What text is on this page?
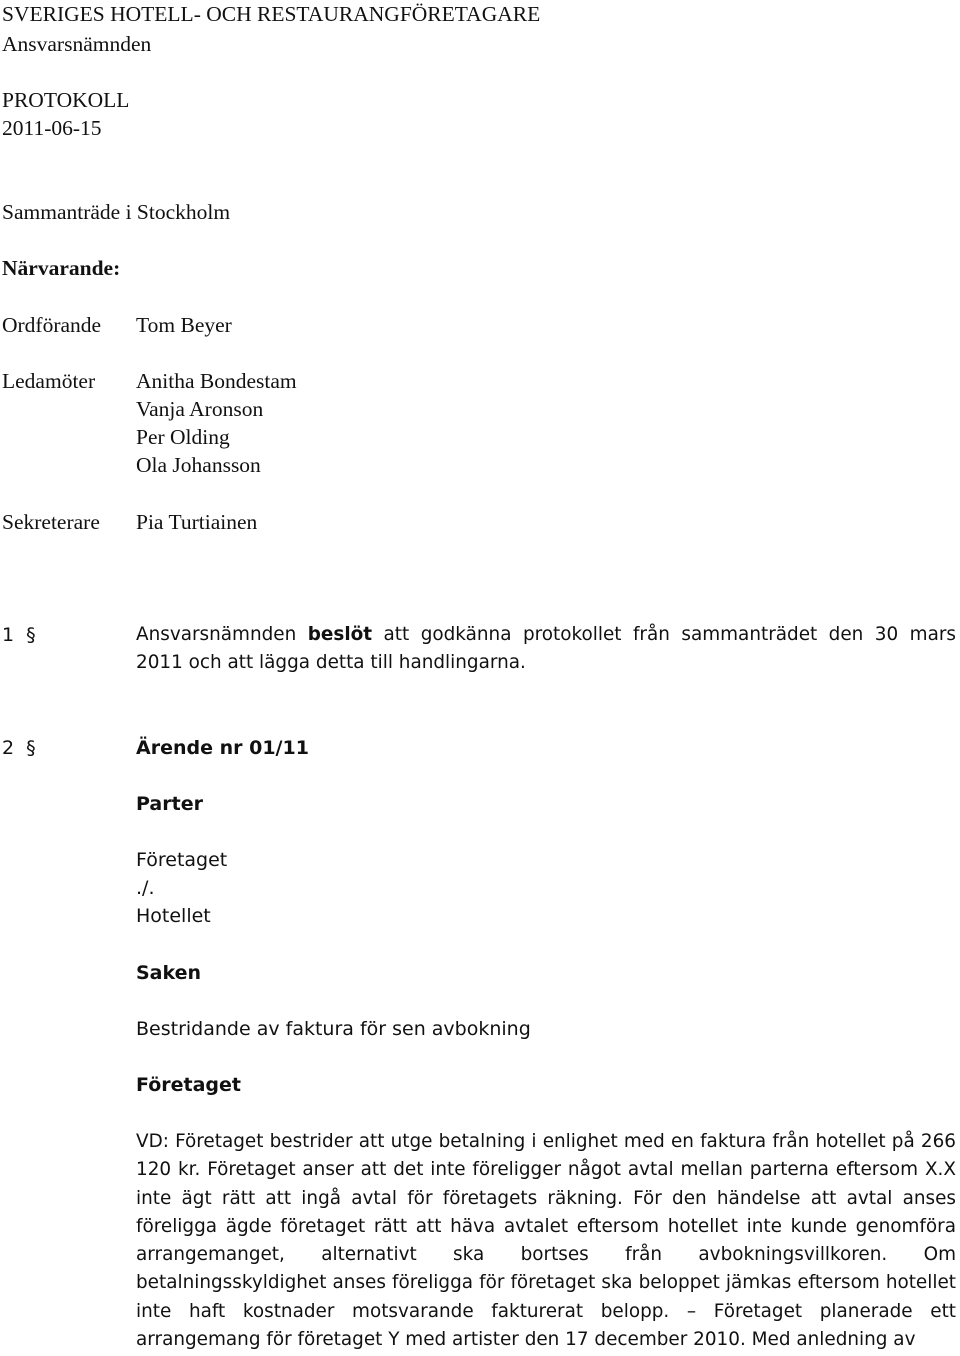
SVERIGES HOTELL- OCH RESTAURANGFÖRETAGARE
Ansvarsnämnden
PROTOKOLL
2011-06-15
Sammanträde i Stockholm
Närvarande:
Ordförande Tom Beyer
Ledamöter Anitha Bondestam
Vanja Aronson
Per Olding
Ola Johansson
Sekreterare Pia Turtiainen
1 §	Ansvarsnämnden beslöt att godkänna protokollet från sammanträdet den 30 mars 2011 och att lägga detta till handlingarna.
2 §	Ärende nr 01/11
Parter
Företaget
./.
Hotellet
Saken
Bestridande av faktura för sen avbokning
Företaget
VD: Företaget bestrider att utge betalning i enlighet med en faktura från hotellet på 266 120 kr. Företaget anser att det inte föreligger något avtal mellan parterna eftersom X.X inte ägt rätt att ingå avtal för företagets räkning. För den händelse att avtal anses föreligga ägde företaget rätt att häva avtalet eftersom hotellet inte kunde genomföra arrangemanget, alternativt ska bortses från avbokningsvillkoren. Om betalningsskyldighet anses föreligga för företaget ska beloppet jämkas eftersom hotellet inte haft kostnader motsvarande fakturerat belopp. – Företaget planerade ett arrangemang för företaget Y med artister den 17 december 2010. Med anledning av
